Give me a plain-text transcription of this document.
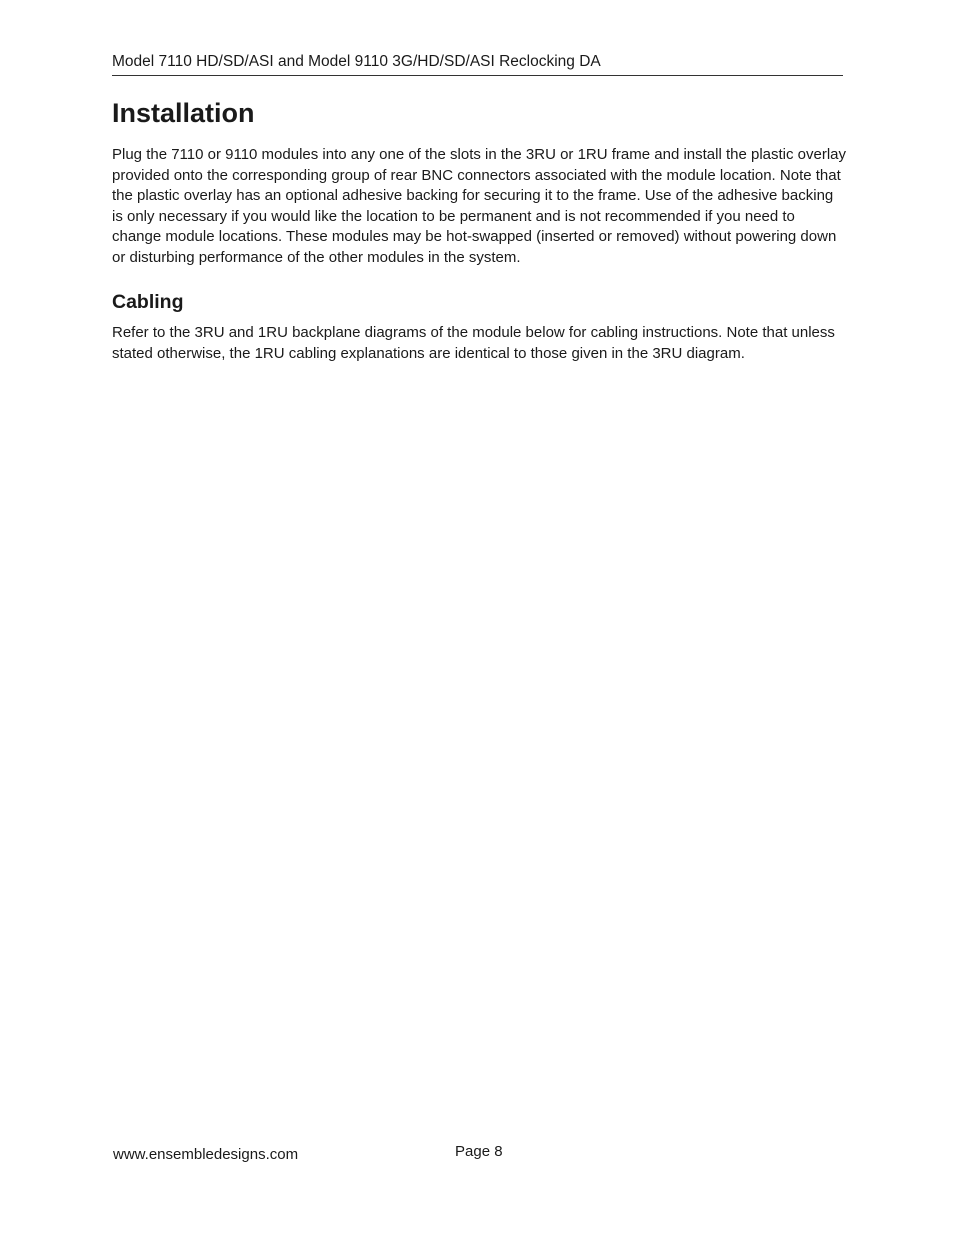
Model 7110 HD/SD/ASI and Model 9110 3G/HD/SD/ASI Reclocking DA
Installation

Plug the 7110 or 9110 modules into any one of the slots in the 3RU or 1RU frame and install the plastic overlay provided onto the corresponding group of rear BNC connectors associated with the module location. Note that the plastic overlay has an optional adhesive backing for securing it to the frame. Use of the adhesive backing is only necessary if you would like the location to be permanent and is not recommended if you need to change module locations. These modules may be hot-swapped (inserted or removed) without powering down or disturbing performance of the other modules in the system.

Cabling

Refer to the 3RU and 1RU backplane diagrams of the module below for cabling instructions. Note that unless stated otherwise, the 1RU cabling explanations are identical to those given in the 3RU diagram.

www.ensembledesigns.com	Page 8
